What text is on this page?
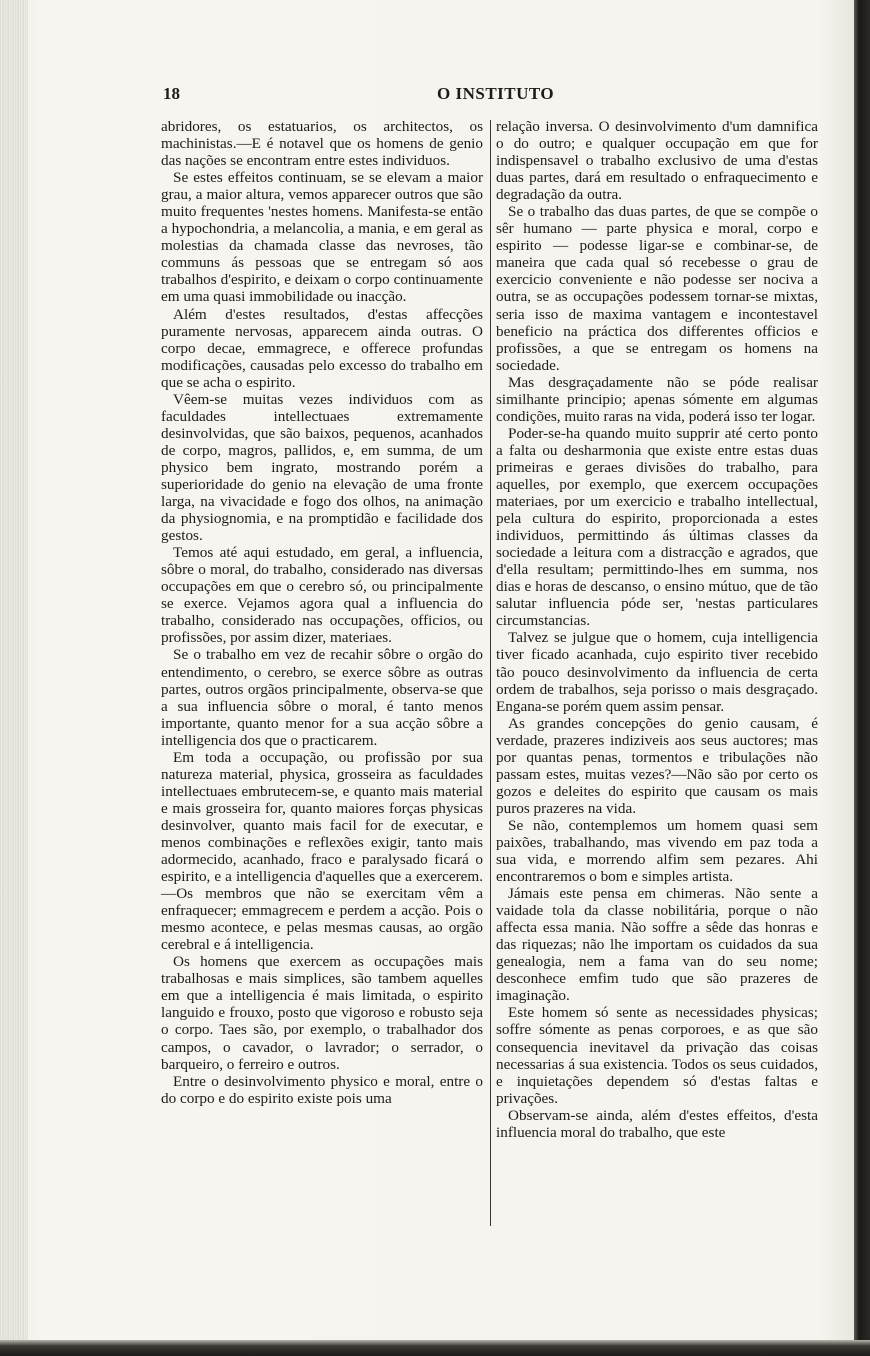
18	O INSTITUTO

abridores, os estatuarios, os architectos, os machinistas.—E é notavel que os homens de genio das nações se encontram entre estes individuos.

Se estes effeitos continuam, se se elevam a maior grau, a maior altura, vemos apparecer outros que são muito frequentes 'nestes homens. Manifesta-se então a hypochondria, a melancolia, a mania, e em geral as molestias da chamada classe das nevroses, tão communs ás pessoas que se entregam só aos trabalhos d'espirito, e deixam o corpo continuamente em uma quasi immobilidade ou inacção.

Além d'estes resultados, d'estas affecções puramente nervosas, apparecem ainda outras. O corpo decae, emmagrece, e offerece profundas modificações, causadas pelo excesso do trabalho em que se acha o espirito.

Vêem-se muitas vezes individuos com as faculdades intellectuaes extremamente desinvolvidas, que são baixos, pequenos, acanhados de corpo, magros, pallidos, e, em summa, de um physico bem ingrato, mostrando porém a superioridade do genio na elevação de uma fronte larga, na vivacidade e fogo dos olhos, na animação da physiognomia, e na promptidão e facilidade dos gestos.

Temos até aqui estudado, em geral, a influencia, sôbre o moral, do trabalho, considerado nas diversas occupações em que o cerebro só, ou principalmente se exerce. Vejamos agora qual a influencia do trabalho, considerado nas occupações, officios, ou profissões, por assim dizer, materiaes.

Se o trabalho em vez de recahir sôbre o orgão do entendimento, o cerebro, se exerce sôbre as outras partes, outros orgãos principalmente, observa-se que a sua influencia sôbre o moral, é tanto menos importante, quanto menor for a sua acção sôbre a intelligencia dos que o practicarem.

Em toda a occupação, ou profissão por sua natureza material, physica, grosseira as faculdades intellectuaes embrutecem-se, e quanto mais material e mais grosseira for, quanto maiores forças physicas desinvolver, quanto mais facil for de executar, e menos combinações e reflexões exigir, tanto mais adormecido, acanhado, fraco e paralysado ficará o espirito, e a intelligencia d'aquelles que a exercerem.—Os membros que não se exercitam vêm a enfraquecer; emmagrecem e perdem a acção. Pois o mesmo acontece, e pelas mesmas causas, ao orgão cerebral e á intelligencia.

Os homens que exercem as occupações mais trabalhosas e mais simplices, são tambem aquelles em que a intelligencia é mais limitada, o espirito languido e frouxo, posto que vigoroso e robusto seja o corpo. Taes são, por exemplo, o trabalhador dos campos, o cavador, o lavrador; o serrador, o barqueiro, o ferreiro e outros.

Entre o desinvolvimento physico e moral, entre o do corpo e do espirito existe pois uma

relação inversa. O desinvolvimento d'um damnifica o do outro; e qualquer occupação em que for indispensavel o trabalho exclusivo de uma d'estas duas partes, dará em resultado o enfraquecimento e degradação da outra.

Se o trabalho das duas partes, de que se compõe o sêr humano — parte physica e moral, corpo e espirito — podesse ligar-se e combinar-se, de maneira que cada qual só recebesse o grau de exercicio conveniente e não podesse ser nociva a outra, se as occupações podessem tornar-se mixtas, seria isso de maxima vantagem e incontestavel beneficio na práctica dos differentes officios e profissões, a que se entregam os homens na sociedade.

Mas desgraçadamente não se póde realisar similhante principio; apenas sómente em algumas condições, muito raras na vida, poderá isso ter logar.

Poder-se-ha quando muito supprir até certo ponto a falta ou desharmonia que existe entre estas duas primeiras e geraes divisões do trabalho, para aquelles, por exemplo, que exercem occupações materiaes, por um exercicio e trabalho intellectual, pela cultura do espirito, proporcionada a estes individuos, permittindo ás últimas classes da sociedade a leitura com a distracção e agrados, que d'ella resultam; permittindo-lhes em summa, nos dias e horas de descanso, o ensino mútuo, que de tão salutar influencia póde ser, 'nestas particulares circumstancias.

Talvez se julgue que o homem, cuja intelligencia tiver ficado acanhada, cujo espirito tiver recebido tão pouco desinvolvimento da influencia de certa ordem de trabalhos, seja porisso o mais desgraçado. Engana-se porém quem assim pensar.

As grandes concepções do genio causam, é verdade, prazeres indiziveis aos seus auctores; mas por quantas penas, tormentos e tribulações não passam estes, muitas vezes?—Não são por certo os gozos e deleites do espirito que causam os mais puros prazeres na vida.

Se não, contemplemos um homem quasi sem paixões, trabalhando, mas vivendo em paz toda a sua vida, e morrendo alfim sem pezares. Ahi encontraremos o bom e simples artista.

Jámais este pensa em chimeras. Não sente a vaidade tola da classe nobilitária, porque o não affecta essa mania. Não soffre a sêde das honras e das riquezas; não lhe importam os cuidados da sua genealogia, nem a fama van do seu nome; desconhece emfim tudo que são prazeres de imaginação.

Este homem só sente as necessidades physicas; soffre sómente as penas corporoes, e as que são consequencia inevitavel da privação das coisas necessarias á sua existencia. Todos os seus cuidados, e inquietações dependem só d'estas faltas e privações.

Observam-se ainda, além d'estes effeitos, d'esta influencia moral do trabalho, que este
